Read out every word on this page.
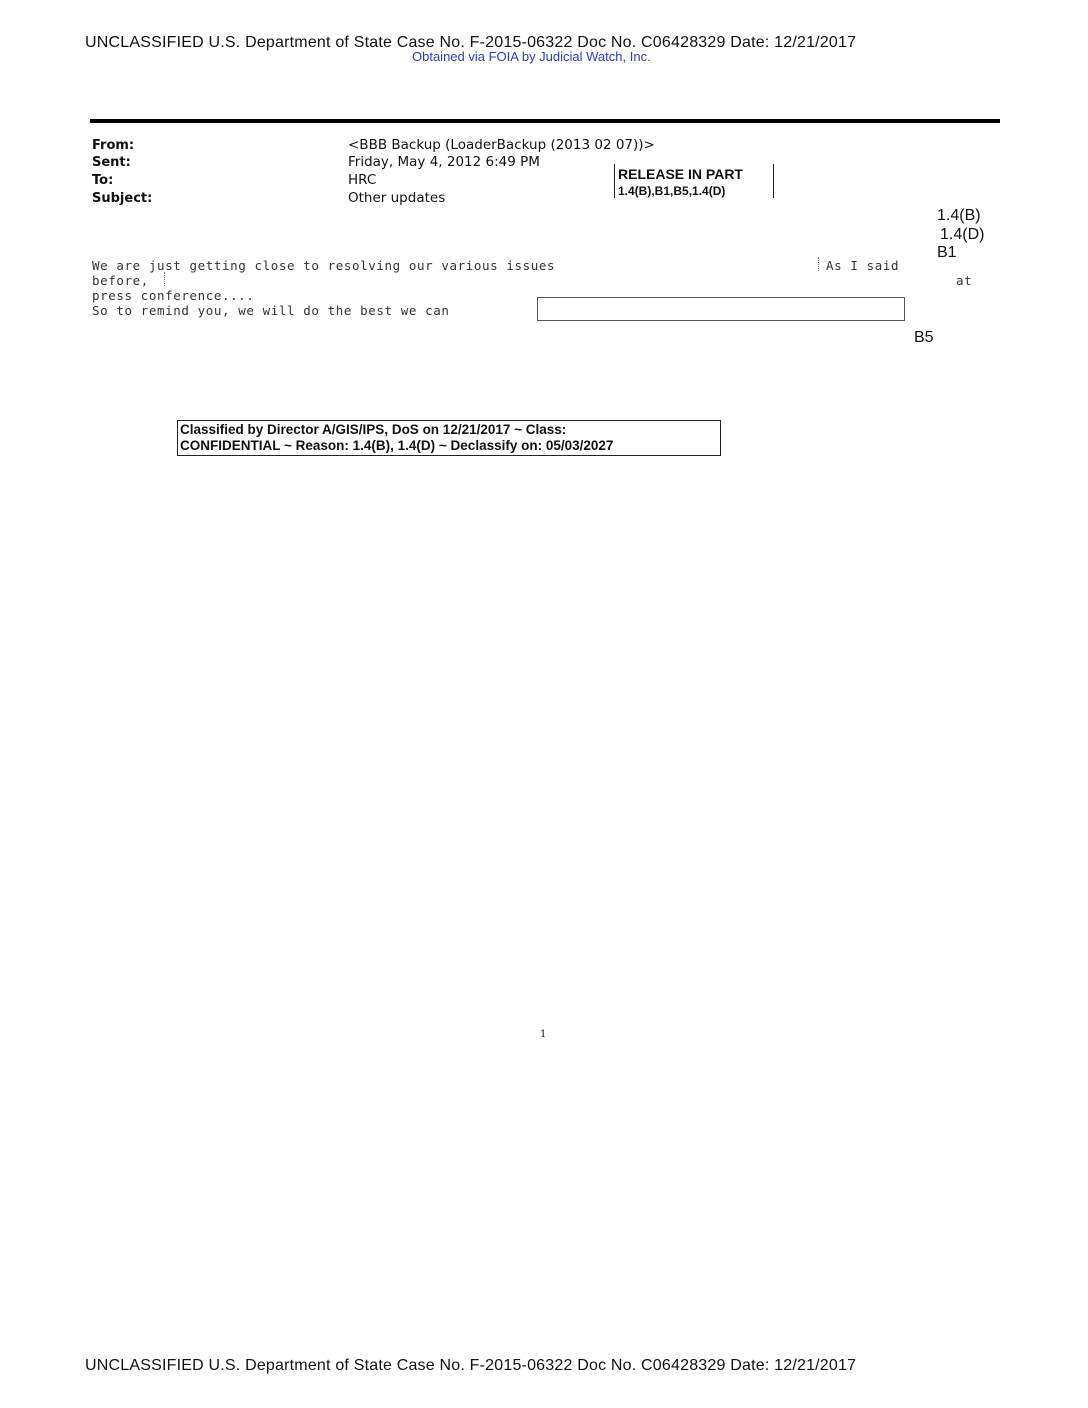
UNCLASSIFIED U.S. Department of State Case No. F-2015-06322 Doc No. C06428329 Date: 12/21/2017
Obtained via FOIA by Judicial Watch, Inc.
From:	<BBB Backup (LoaderBackup (2013 02 07))>
Sent:	Friday, May 4, 2012 6:49 PM
To:	HRC
Subject:	Other updates
RELEASE IN PART
1.4(B),B1,B5,1.4(D)
1.4(B)
1.4(D)
B1
B5
We are just getting close to resolving our various issues	As I said
before,	at
press conference....
So to remind you, we will do the best we can
Classified by Director A/GIS/IPS, DoS on 12/21/2017 ~ Class:
CONFIDENTIAL ~ Reason: 1.4(B), 1.4(D) ~ Declassify on: 05/03/2027
1
UNCLASSIFIED U.S. Department of State Case No. F-2015-06322 Doc No. C06428329 Date: 12/21/2017
